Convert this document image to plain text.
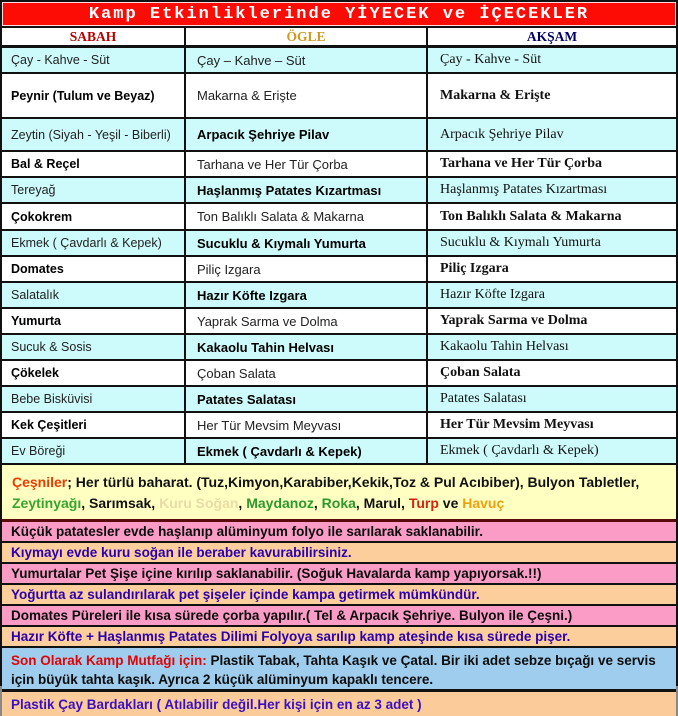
Kamp Etkinliklerinde YİYECEK ve İÇECEKLER
SABAH	ÖGLE	AKŞAM
Çay - Kahve - Süt	Çay – Kahve – Süt	Çay - Kahve - Süt
Peynir (Tulum ve Beyaz)	Makarna & Erişte	Makarna & Erişte
Zeytin (Siyah - Yeşil - Biberli)	Arpacık Şehriye Pilav	Arpacık Şehriye Pilav
Bal & Reçel	Tarhana ve Her Tür Çorba	Tarhana ve Her Tür Çorba
Tereyağ	Haşlanmış Patates Kızartması	Haşlanmış Patates Kızartması
Çokokrem	Ton Balıklı Salata & Makarna	Ton Balıklı Salata & Makarna
Ekmek ( Çavdarlı & Kepek)	Sucuklu & Kıymalı Yumurta	Sucuklu & Kıymalı Yumurta
Domates	Piliç Izgara	Piliç Izgara
Salatalık	Hazır Köfte Izgara	Hazır Köfte Izgara
Yumurta	Yaprak Sarma ve Dolma	Yaprak Sarma ve Dolma
Sucuk & Sosis	Kakaolu Tahin Helvası	Kakaolu Tahin Helvası
Çökelek	Çoban Salata	Çoban Salata
Bebe Bisküvisi	Patates Salatası	Patates Salatası
Kek Çeşitleri	Her Tür Mevsim Meyvası	Her Tür Mevsim Meyvası
Ev Böreği	Ekmek ( Çavdarlı & Kepek)	Ekmek ( Çavdarlı & Kepek)
Çeşniler; Her türlü baharat. (Tuz,Kimyon,Karabiber,Kekik,Toz & Pul Acıbiber), Bulyon Tabletler, Zeytinyağı, Sarımsak, Kuru Soğan, Maydanoz, Roka, Marul, Turp ve Havuç
Küçük patatesler evde haşlanıp alüminyum folyo ile sarılarak saklanabilir.
Kıymayı evde kuru soğan ile beraber kavurabilirsiniz.
Yumurtalar Pet Şişe içine kırılıp saklanabilir. (Soğuk Havalarda kamp yapıyorsak.!!)
Yoğurtta az sulandırılarak pet şişeler içinde kampa getirmek mümkündür.
Domates Püreleri ile kısa sürede çorba yapılır.( Tel & Arpacık Şehriye. Bulyon ile Çeşni.)
Hazır Köfte + Haşlanmış Patates Dilimi Folyoya sarılıp kamp ateşinde kısa sürede pişer.
Son Olarak Kamp Mutfağı için: Plastik Tabak, Tahta Kaşık ve Çatal. Bir iki adet sebze bıçağı ve servis için büyük tahta kaşık. Ayrıca 2 küçük alüminyum kapaklı tencere.
Plastik Çay Bardakları ( Atılabilir değil.Her kişi için en az 3 adet )
